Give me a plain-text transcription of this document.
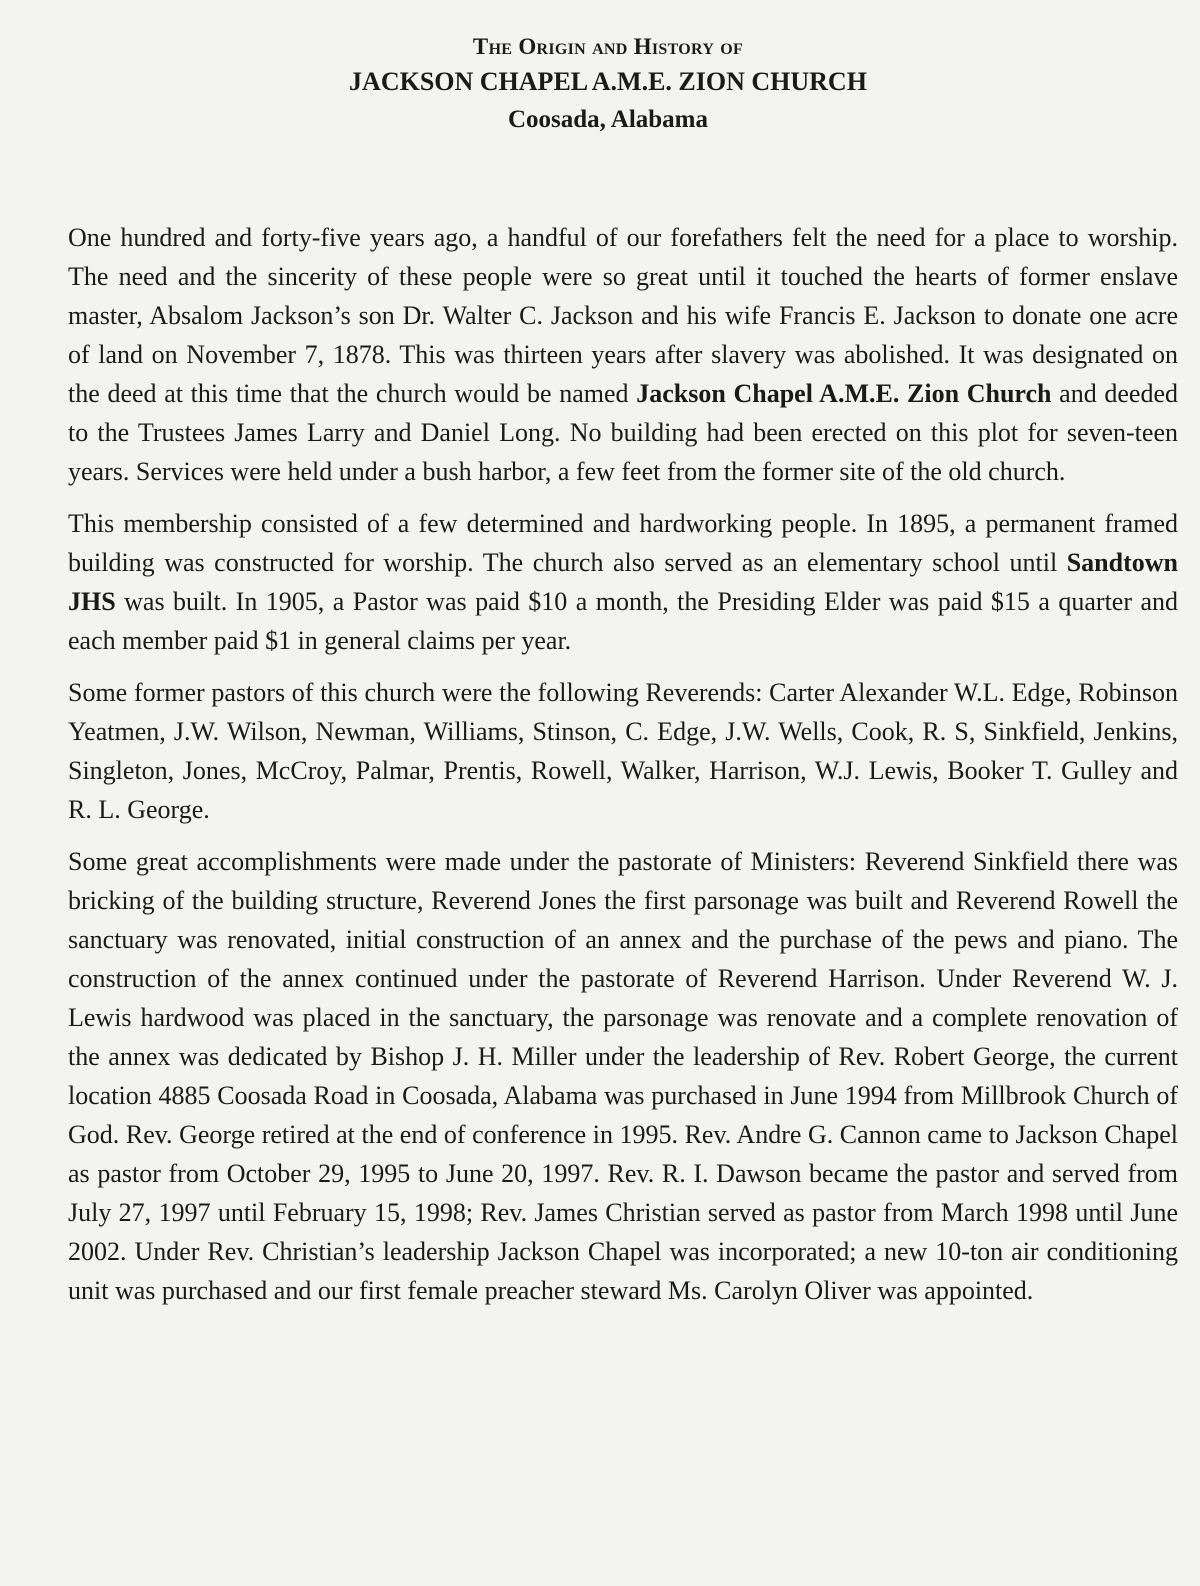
The Origin and History of
JACKSON CHAPEL A.M.E. ZION CHURCH
Coosada, Alabama

One hundred and forty-five years ago, a handful of our forefathers felt the need for a place to worship. The need and the sincerity of these people were so great until it touched the hearts of former enslave master, Absalom Jackson’s son Dr. Walter C. Jackson and his wife Francis E. Jackson to donate one acre of land on November 7, 1878. This was thirteen years after slavery was abolished. It was designated on the deed at this time that the church would be named Jackson Chapel A.M.E. Zion Church and deeded to the Trustees James Larry and Daniel Long. No building had been erected on this plot for seven-teen years. Services were held under a bush harbor, a few feet from the former site of the old church.

This membership consisted of a few determined and hardworking people. In 1895, a permanent framed building was constructed for worship. The church also served as an elementary school until Sandtown JHS was built. In 1905, a Pastor was paid $10 a month, the Presiding Elder was paid $15 a quarter and each member paid $1 in general claims per year.

Some former pastors of this church were the following Reverends: Carter Alexander W.L. Edge, Robinson Yeatmen, J.W. Wilson, Newman, Williams, Stinson, C. Edge, J.W. Wells, Cook, R. S, Sinkfield, Jenkins, Singleton, Jones, McCroy, Palmar, Prentis, Rowell, Walker, Harrison, W.J. Lewis, Booker T. Gulley and R. L. George.

Some great accomplishments were made under the pastorate of Ministers: Reverend Sinkfield there was bricking of the building structure, Reverend Jones the first parsonage was built and Reverend Rowell the sanctuary was renovated, initial construction of an annex and the purchase of the pews and piano. The construction of the annex continued under the pastorate of Reverend Harrison. Under Reverend W. J. Lewis hardwood was placed in the sanctuary, the parsonage was renovate and a complete renovation of the annex was dedicated by Bishop J. H. Miller under the leadership of Rev. Robert George, the current location 4885 Coosada Road in Coosada, Alabama was purchased in June 1994 from Millbrook Church of God. Rev. George retired at the end of conference in 1995. Rev. Andre G. Cannon came to Jackson Chapel as pastor from October 29, 1995 to June 20, 1997. Rev. R. I. Dawson became the pastor and served from July 27, 1997 until February 15, 1998; Rev. James Christian served as pastor from March 1998 until June 2002. Under Rev. Christian’s leadership Jackson Chapel was incorporated; a new 10-ton air conditioning unit was purchased and our first female preacher steward Ms. Carolyn Oliver was appointed.
